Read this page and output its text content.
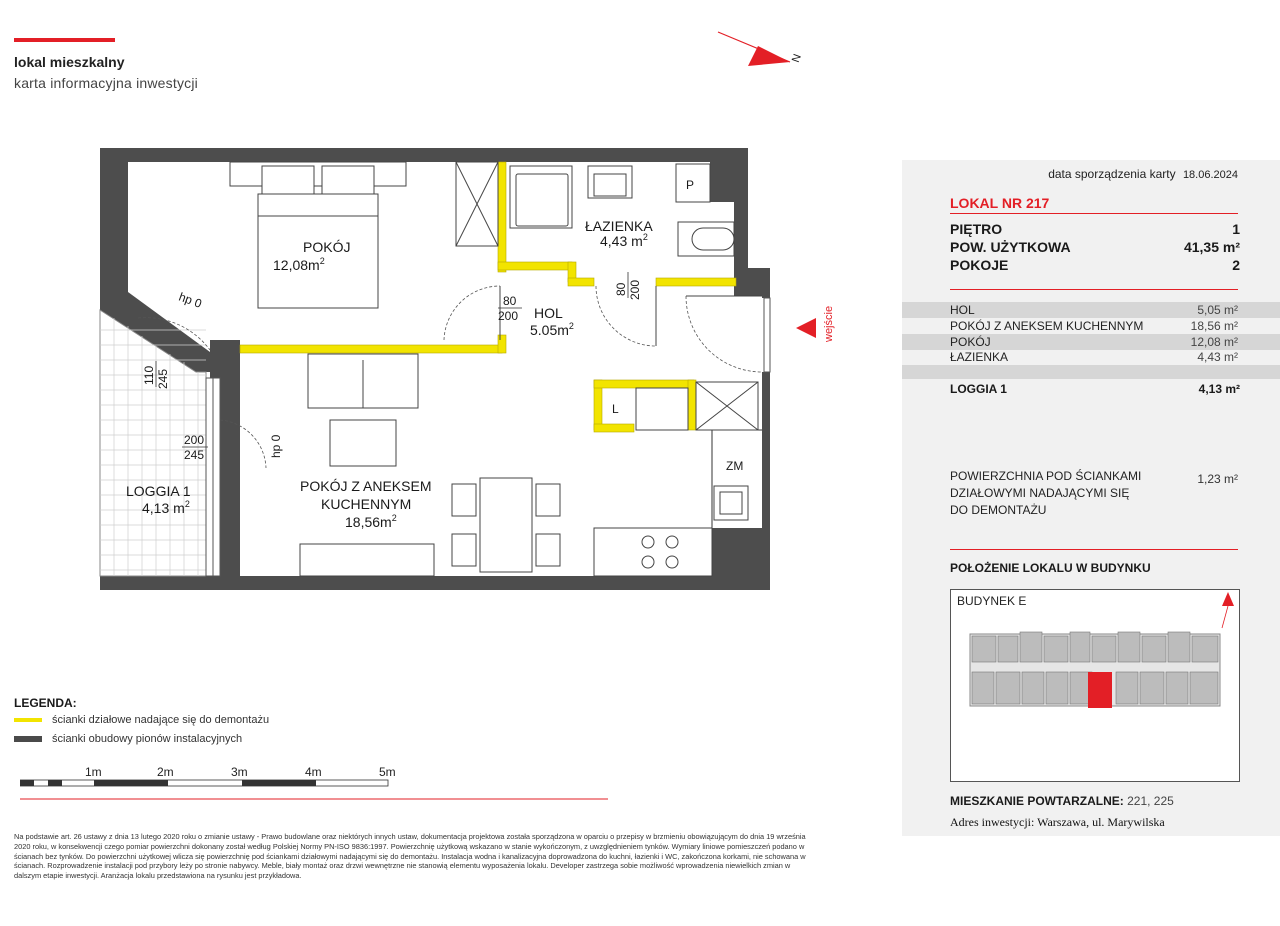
lokal mieszkalny
karta informacyjna inwestycji
N
POKÓJ
$12,08m^2$
ŁAZIENKA
4,43 $m^2$
HOL
$5.05m^2$
POKÓJ Z ANEKSEM
KUCHENNYM
$18,56m^2$
LOGGIA 1
4,13 $m^2$
P
L
ZM
80
200
80 200
110 245
200
245
hp 0
hp 0
wejście
LEGENDA:
ścianki działowe nadające się do demontażu
ścianki obudowy pionów instalacyjnych
1m	2m	3m	4m	5m
Na podstawie art. 26 ustawy z dnia 13 lutego 2020 roku o zmianie ustawy - Prawo budowlane oraz niektórych innych ustaw, dokumentacja projektowa została sporządzona w oparciu o przepisy w brzmieniu obowiązującym do dnia 19 września 2020 roku, w konsekwencji czego pomiar powierzchni dokonany został według Polskiej Normy PN-ISO 9836:1997. Powierzchnię użytkową wskazano w stanie wykończonym, z uwzględnieniem tynków. Wymiary liniowe pomieszczeń podano w ścianach bez tynków. Do powierzchni użytkowej wlicza się powierzchnię pod ściankami działowymi nadającymi się do demontażu. Instalacja wodna i kanalizacyjna doprowadzona do kuchni, łazienki i WC, zakończona korkami, nie schowana w ścianach. Rozprowadzenie instalacji pod przybory leży po stronie nabywcy. Meble, biały montaż oraz drzwi wewnętrzne nie stanowią elementu wyposażenia lokalu. Developer zastrzega sobie możliwość wprowadzenia niewielkich zmian w dalszym etapie inwestycji. Aranżacja lokalu przedstawiona na rysunku jest przykładowa.
data sporządzenia karty 18.06.2024
LOKAL NR 217
PIĘTRO	1
POW. UŻYTKOWA	41,35 m²
POKOJE	2
HOL	5,05 m²
POKÓJ Z ANEKSEM KUCHENNYM	18,56 m²
POKÓJ	12,08 m²
ŁAZIENKA	4,43 m²
LOGGIA 1	4,13 m²
POWIERZCHNIA POD ŚCIANKAMI DZIAŁOWYMI NADAJĄCYMI SIĘ DO DEMONTAŻU
1,23 m²
POŁOŻENIE LOKALU W BUDYNKU
BUDYNEK E
MIESZKANIE POWTARZALNE: 221, 225
Adres inwestycji: Warszawa, ul. Marywilska
